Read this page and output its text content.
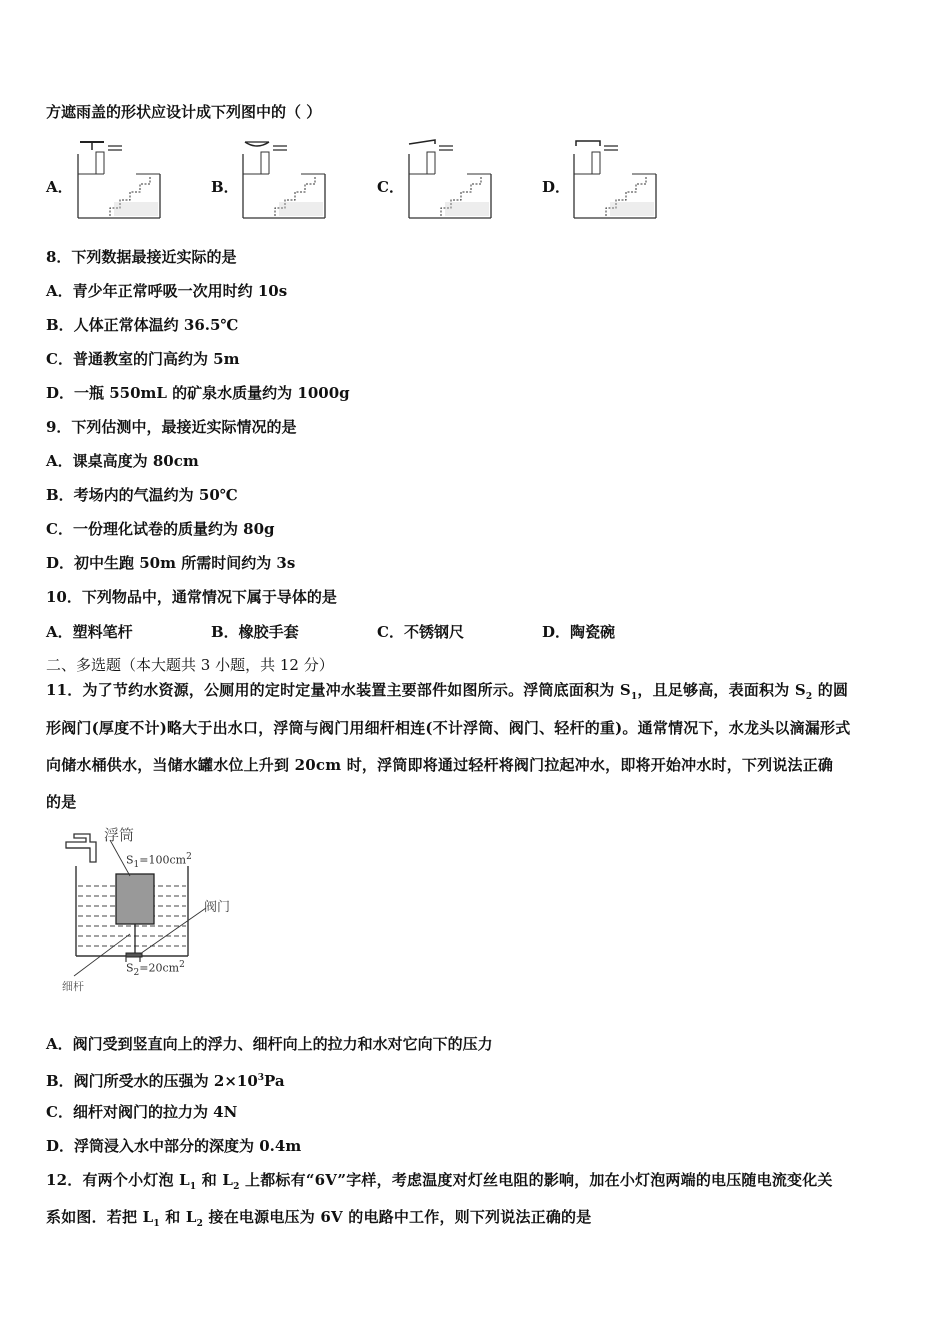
方遮雨盖的形状应设计成下列图中的（ ）
A．	B．	C．	D．
8．下列数据最接近实际的是
A．青少年正常呼吸一次用时约 10s
B．人体正常体温约 36.5℃
C．普通教室的门高约为 5m
D．一瓶 550mL 的矿泉水质量约为 1000g
9．下列估测中，最接近实际情况的是
A．课桌高度为 80cm
B．考场内的气温约为 50℃
C．一份理化试卷的质量约为 80g
D．初中生跑 50m 所需时间约为 3s
10．下列物品中，通常情况下属于导体的是
A．塑料笔杆	B．橡胶手套	C．不锈钢尺	D．陶瓷碗
二、多选题（本大题共 3 小题，共 12 分）
11．为了节约水资源，公厕用的定时定量冲水装置主要部件如图所示。浮筒底面积为 $S_1$，且足够高，表面积为 $S_2$ 的圆
形阀门(厚度不计)略大于出水口，浮筒与阀门用细杆相连(不计浮筒、阀门、轻杆的重)。通常情况下，水龙头以滴漏形式
向储水桶供水，当储水罐水位上升到 20cm 时，浮筒即将通过轻杆将阀门拉起冲水，即将开始冲水时，下列说法正确
的是
浮筒
$S_1=100cm^2$
阀门
$S_2=20cm^2$
细杆
A．阀门受到竖直向上的浮力、细杆向上的拉力和水对它向下的压力
B．阀门所受水的压强为 $2\times 10^3Pa$
C．细杆对阀门的拉力为 4N
D．浮筒浸入水中部分的深度为 0.4m
12．有两个小灯泡 $L_1$ 和 $L_2$ 上都标有“6V”字样，考虑温度对灯丝电阻的影响，加在小灯泡两端的电压随电流变化关
系如图．若把 $L_1$ 和 $L_2$ 接在电源电压为 6V 的电路中工作，则下列说法正确的是
